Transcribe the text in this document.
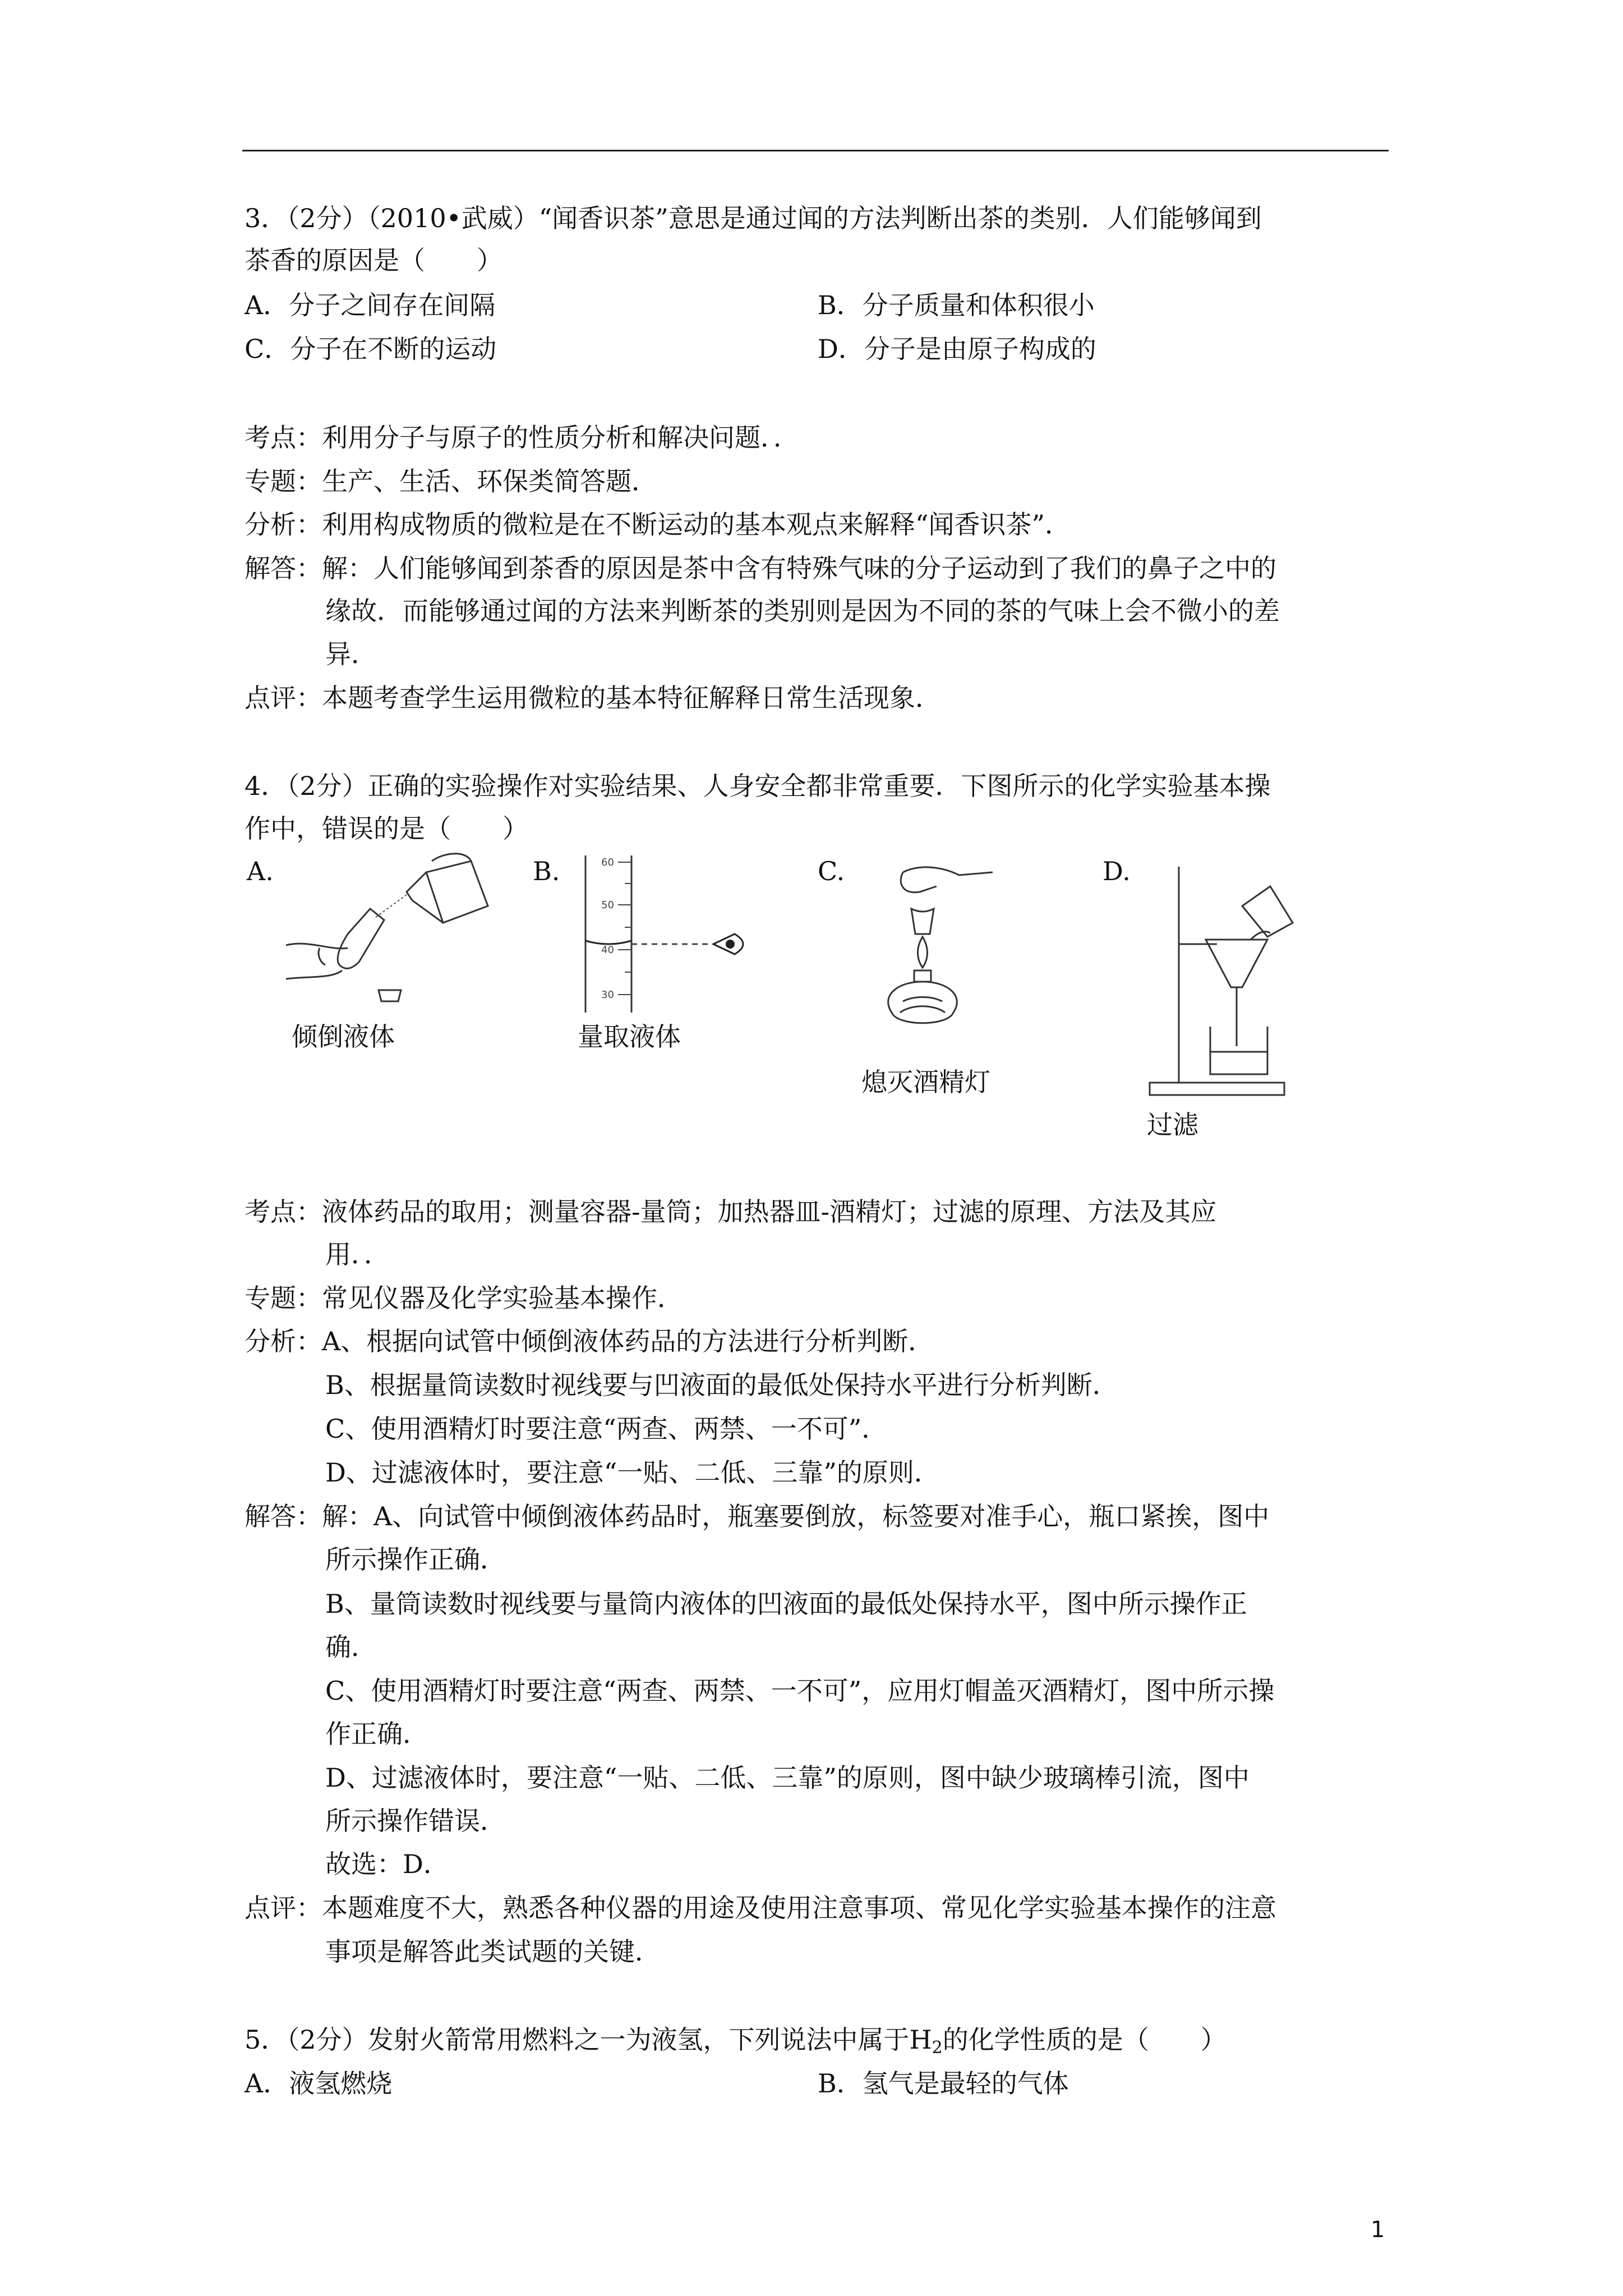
3．（2分）（2010•武威）“闻香识茶”意思是通过闻的方法判断出茶的类别．人们能够闻到
茶香的原因是（　　）
A．分子之间存在间隔	B．分子质量和体积很小
C．分子在不断的运动	D．分子是由原子构成的
考点：利用分子与原子的性质分析和解决问题．．
专题：生产、生活、环保类简答题．
分析：利用构成物质的微粒是在不断运动的基本观点来解释“闻香识茶”．
解答：解：人们能够闻到茶香的原因是茶中含有特殊气味的分子运动到了我们的鼻子之中的
缘故．而能够通过闻的方法来判断茶的类别则是因为不同的茶的气味上会不微小的差
异．
点评：本题考查学生运用微粒的基本特征解释日常生活现象．
4．（2分）正确的实验操作对实验结果、人身安全都非常重要．下图所示的化学实验基本操
作中，错误的是（　　）
A.
倾倒液体
B.	60
50
40
30
量取液体
C.
熄灭酒精灯
D.
过滤
考点：液体药品的取用；测量容器-量筒；加热器皿-酒精灯；过滤的原理、方法及其应
用．．
专题：常见仪器及化学实验基本操作．
分析：A、根据向试管中倾倒液体药品的方法进行分析判断．
B、根据量筒读数时视线要与凹液面的最低处保持水平进行分析判断．
C、使用酒精灯时要注意“两查、两禁、一不可”．
D、过滤液体时，要注意“一贴、二低、三靠”的原则．
解答：解：A、向试管中倾倒液体药品时，瓶塞要倒放，标签要对准手心，瓶口紧挨，图中
所示操作正确．
B、量筒读数时视线要与量筒内液体的凹液面的最低处保持水平，图中所示操作正
确．
C、使用酒精灯时要注意“两查、两禁、一不可”，应用灯帽盖灭酒精灯，图中所示操
作正确．
D、过滤液体时，要注意“一贴、二低、三靠”的原则，图中缺少玻璃棒引流，图中
所示操作错误．
故选：D．
点评：本题难度不大，熟悉各种仪器的用途及使用注意事项、常见化学实验基本操作的注意
事项是解答此类试题的关键．
5．（2分）发射火箭常用燃料之一为液氢，下列说法中属于$H_2$的化学性质的是（　　）
A．液氢燃烧	B．氢气是最轻的气体
1
